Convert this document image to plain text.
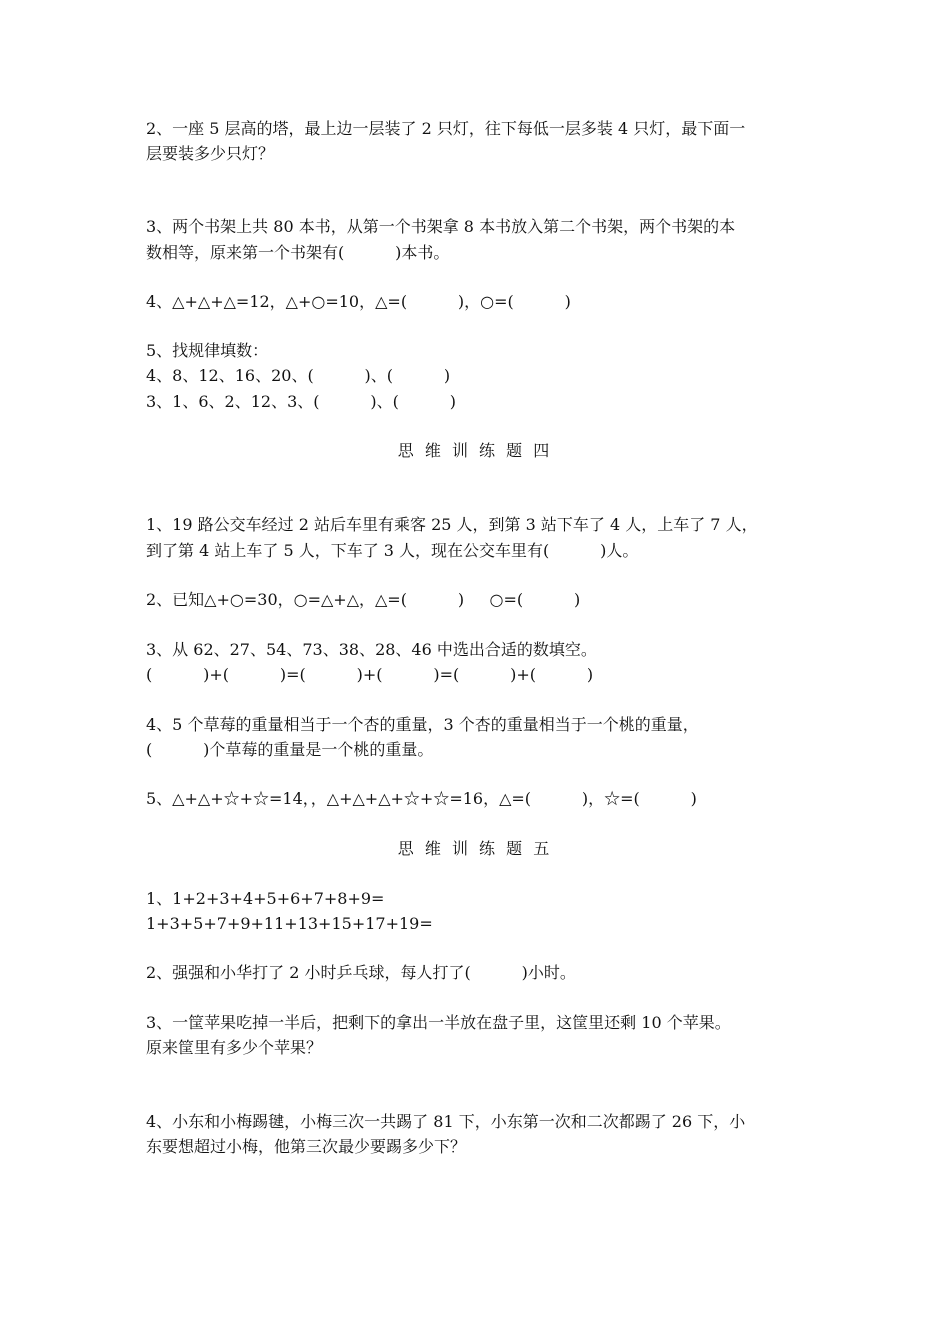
2、一座 5 层高的塔，最上边一层装了 2 只灯，往下每低一层多装 4 只灯，最下面一
层要装多少只灯？
3、两个书架上共 80 本书，从第一个书架拿 8 本书放入第二个书架，两个书架的本
数相等，原来第一个书架有(          )本书。
4、△+△+△=12，△+○=10，△=(          )，○=(          )
5、找规律填数：
4、8、12、16、20、(          )、(          )
3、1、6、2、12、3、(          )、(          )
思 维 训 练 题 四
1、19 路公交车经过 2 站后车里有乘客 25 人，到第 3 站下车了 4 人，上车了 7 人，
到了第 4 站上车了 5 人，下车了 3 人，现在公交车里有(          )人。
2、已知△+○=30，○=△+△，△=(          )     ○=(          )
3、从 62、27、54、73、38、28、46 中选出合适的数填空。
(          )+(          )=(          )+(          )=(          )+(          )
4、5 个草莓的重量相当于一个杏的重量，3 个杏的重量相当于一个桃的重量，
(          )个草莓的重量是一个桃的重量。
5、△+△+☆+☆=14，，△+△+△+☆+☆=16，△=(          )，☆=(          )
思 维 训 练 题 五
1、1+2+3+4+5+6+7+8+9=
1+3+5+7+9+11+13+15+17+19=
2、强强和小华打了 2 小时乒乓球，每人打了(          )小时。
3、一筐苹果吃掉一半后，把剩下的拿出一半放在盘子里，这筐里还剩 10 个苹果。
原来筐里有多少个苹果？
4、小东和小梅踢毽，小梅三次一共踢了 81 下，小东第一次和二次都踢了 26 下，小
东要想超过小梅，他第三次最少要踢多少下？
